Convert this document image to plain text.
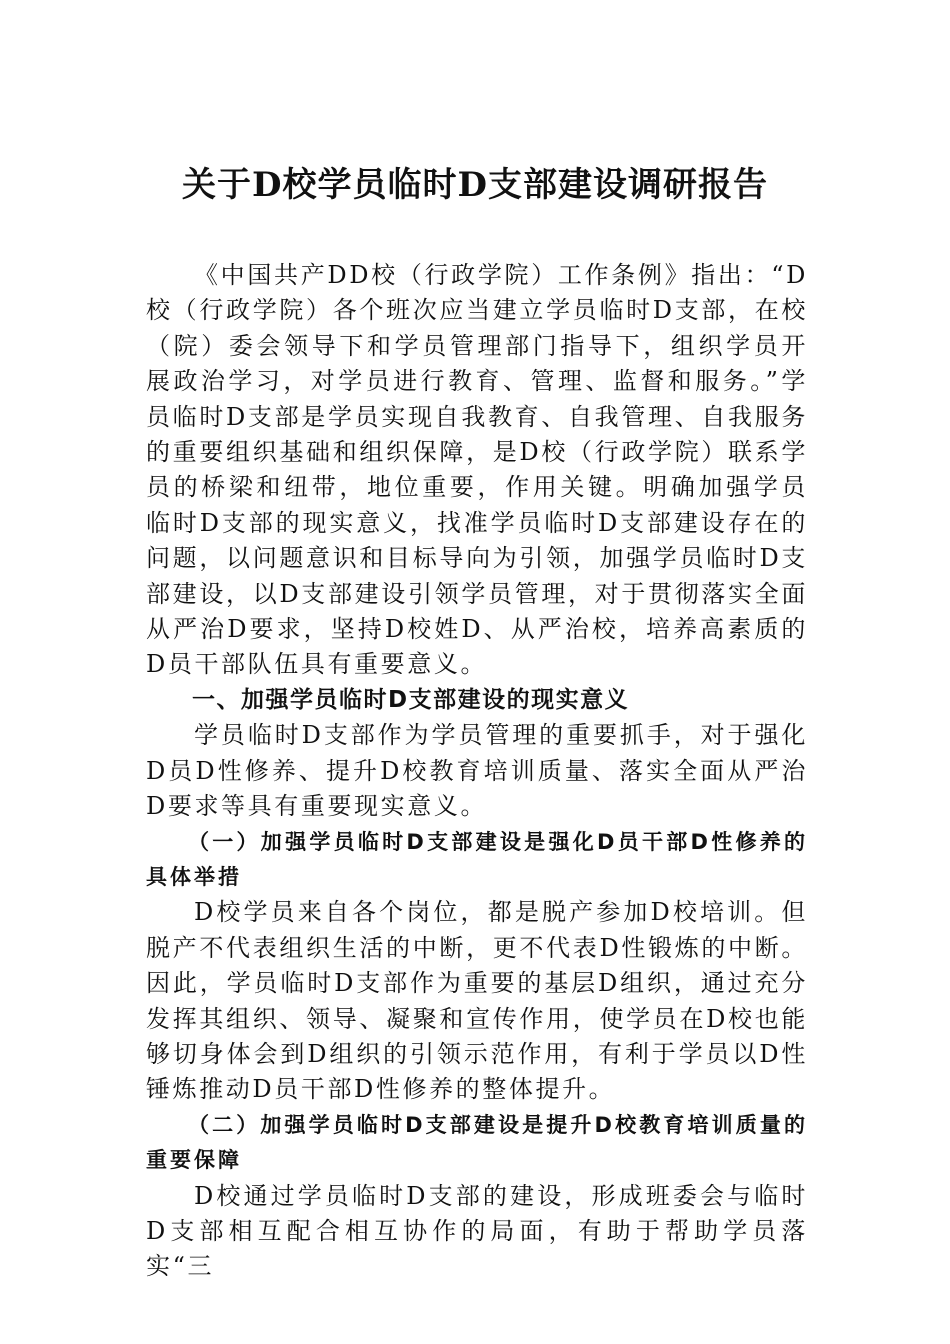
关于D校学员临时D支部建设调研报告

《中国共产DD校（行政学院）工作条例》指出：“D校（行政学院）各个班次应当建立学员临时D支部，在校（院）委会领导下和学员管理部门指导下，组织学员开展政治学习，对学员进行教育、管理、监督和服务。”学员临时D支部是学员实现自我教育、自我管理、自我服务的重要组织基础和组织保障，是D校（行政学院）联系学员的桥梁和纽带，地位重要，作用关键。明确加强学员临时D支部的现实意义，找准学员临时D支部建设存在的问题，以问题意识和目标导向为引领，加强学员临时D支部建设，以D支部建设引领学员管理，对于贯彻落实全面从严治D要求，坚持D校姓D、从严治校，培养高素质的D员干部队伍具有重要意义。

一、加强学员临时D支部建设的现实意义

学员临时D支部作为学员管理的重要抓手，对于强化D员D性修养、提升D校教育培训质量、落实全面从严治D要求等具有重要现实意义。

（一）加强学员临时D支部建设是强化D员干部D性修养的具体举措

D校学员来自各个岗位，都是脱产参加D校培训。但脱产不代表组织生活的中断，更不代表D性锻炼的中断。因此，学员临时D支部作为重要的基层D组织，通过充分发挥其组织、领导、凝聚和宣传作用，使学员在D校也能够切身体会到D组织的引领示范作用，有利于学员以D性锤炼推动D员干部D性修养的整体提升。

（二）加强学员临时D支部建设是提升D校教育培训质量的重要保障

D校通过学员临时D支部的建设，形成班委会与临时D支部相互配合相互协作的局面，有助于帮助学员落实“三
